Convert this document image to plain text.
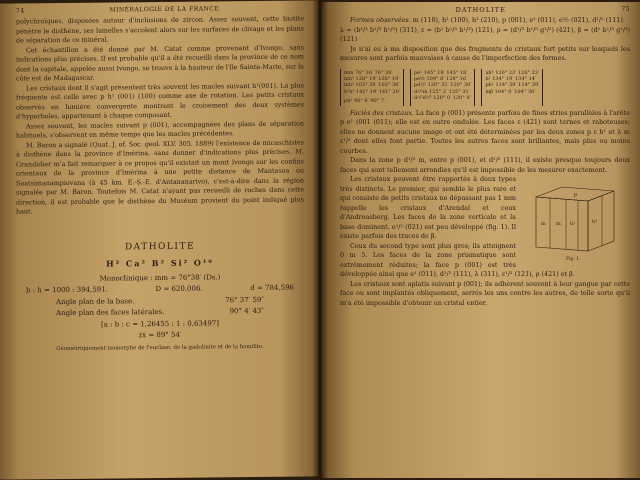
74	MINÉRALOGIE DE LA FRANCE

polychroïques, disposées autour d'inclusions de zircon. Assez souvent, cette biotite pénètre le disthène, ses lamelles s'accolent alors sur les surfaces de clivage et les plans de séparation de ce minéral.

Cet échantillon a été donné par M. Catat comme provenant d'Ivongo, sans indications plus précises. Il est probable qu'il a été recueilli dans la province de ce nom dont la capitale, appelée aussi Ivongo, se trouve à la hauteur de l'île Sainte-Marie, sur la côte est de Madagascar.

Les cristaux dont il s'agit présentent très souvent les macles suivant h¹(001). La plus fréquente est celle avec p h¹ (001) (100) comme axe de rotation. Les petits cristaux observés en lumière convergente montrent le croisement des deux systèmes d'hyperboles, appartenant à chaque composant.

Assez souvent, les macles suivant p (001), accompagnées des plans de séparation habituels, s'observent en même temps que les macles précédentes.

M. Baron a signalé (Quat. J. of. Soc. geol. XLV. 305. 1889) l'existence de micaschistes à disthène dans la province d'Imérina, sans donner d'indications plus précises. M. Grandidier m'a fait remarquer à ce propos qu'il existait un mont Ivongo sur les confins orientaux de la province d'Imérina à une petite distance de Mantasoa ou Soatsimanampiovana (à 45 km. E.-S.-E. d'Antananarivo), c'est-à-dire dans la région signalée par M. Baron. Toutefois M. Catat n'ayant pas recueilli de roches dans cette direction, il est probable que le disthène du Muséum provient du point indiqué plus haut.

DATHOLITE
H² Ca² B² Si² O¹⁰
Monoclinique : mm = 76°38′ (Ds.)
b : h = 1000 : 394,591.	D = 620.006.	d = 784,596
Angle plan de la base.	76° 37′ 59″
Angle plan des faces latérales.	90° 4′ 43″
[a : b : c = 1,26455 : 1 : 0,63497]
zx = 89° 54′
Géométriquement isomorphe de l'euclase, de la gadolinite et de la homilite.
DATHOLITE	75

Formes observées. m (110), h¹ (100), h³ (210), p (001), e¹ (011), e½ (021), d¹/² (111).

λ = (b¹/³ b¹/⁵ h¹/³) (311), ε = (b¹ b¹/³ h¹/³) (121), ρ = (d¹/³ b¹/⁵ g¹/²) (421), β = (d¹ b¹/³ g¹/³) (121)

Je n'ai eu à ma disposition que des fragments de cristaux fort petits sur lesquels les mesures sont parfois mauvaises à cause de l'imperfection des formes.

mm 76° 38′ 76° 38′
mh³ 128° 19′ 128° 19′
mh¹ 103° 38′ 103° 38′
h¹h³ 141° 19′ 141° 20′
ph¹ 90° 6′ 90° 7′
pe¹ 145° 18′ 145° 18′
pe½ 109° 8′ 129° 16′
pd¹/² 120° 32′ 120° 30′
d¹/²m 125° 2′ 125° 31′
d¹/²d¹/² 120° 0′ 120° 8′
ah¹ 126° 23′ 126° 23′
h¹ 134° 19′ 134° 14′
ph¹ 114° 39′ 114° 39′
mβ 104° 0′ 104° 30′

Faciès des cristaux. La face p (001) présente parfois de fines stries parallèles à l'arête p e¹ (001 (011); elle est en outre ondulée. Les faces ε (421) sont ternes et raboteuses; elles ne donnent aucune image et ont été déterminées par les deux zones p ε h¹ et λ m ε¹/² dont elles font partie. Toutes les autres faces sont brillantes, mais plus ou moins courbes.

Dans la zone p d¹/² m, entre p (001), et d¹/² (111), il existe presque toujours deux faces qui sont tellement arrondies qu'il est impossible de les mesurer exactement.

m m h¹	h³
p
Fig. 1.

Les cristaux peuvent être rapportés à deux types très distincts. Le premier, qui semble le plus rare et qui consiste de petits cristaux ne dépassant pas 1 mm rappelle les cristaux d'Arendal et ceux d'Andreasberg. Les faces de la zone verticale et la base dominent. e¹/² (021) est peu développé (fig. 1). Il existe parfois des traces de β.

Ceux du second type sont plus gros; ils atteignent 0 m 5. Les faces de la zone prismatique sont extrêmement réduites; la face p (001) est très développée ainsi que e¹ (011), d¹/² (111), λ (311), ε¹/² (121), ρ (421) et β.

Les cristaux sont aplatis suivant p (001); ils adhèrent souvent à leur gangue par cette face ou sont implantés obliquement, serrés les uns contre les autres, de telle sorte qu'il m'a été impossible d'obtenir un cristal entier.
